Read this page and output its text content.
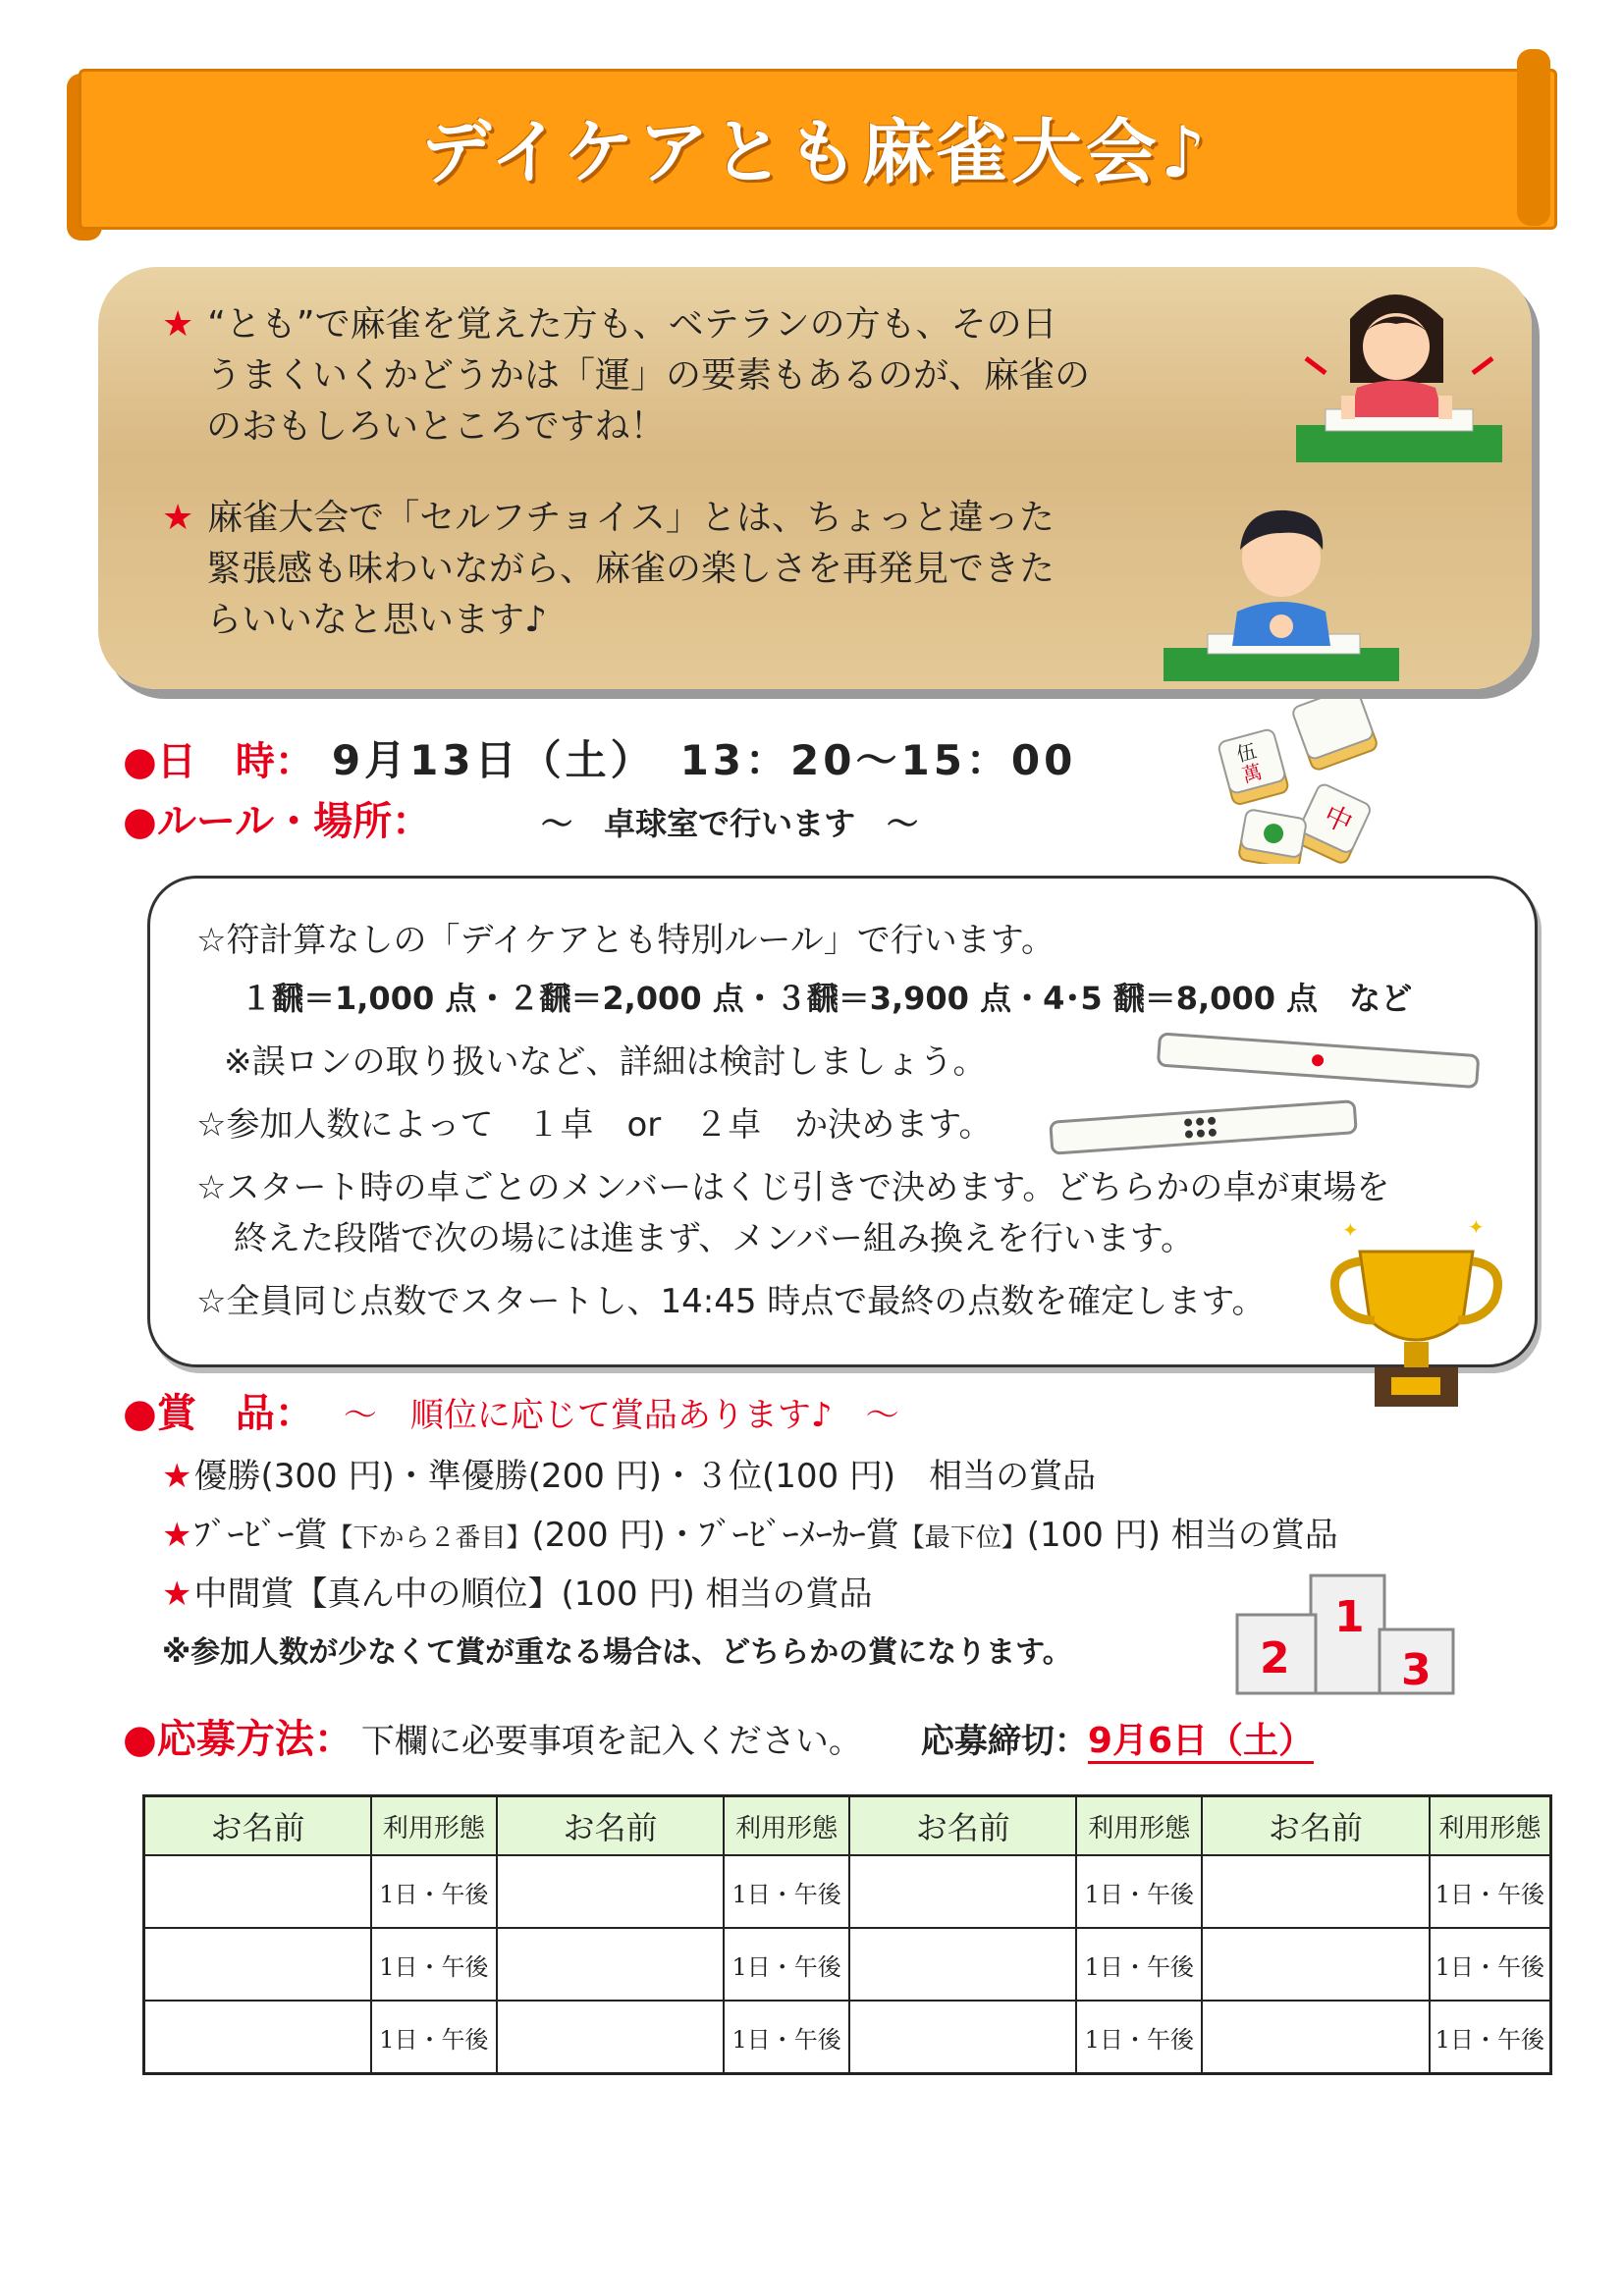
デイケアとも麻雀大会♪
★ “とも”で麻雀を覚えた方も、ベテランの方も、その日
うまくいくかどうかは「運」の要素もあるのが、麻雀の
のおもしろいところですね！
★ 麻雀大会で「セルフチョイス」とは、ちょっと違った
緊張感も味わいながら、麻雀の楽しさを再発見できた
らいいなと思います♪
●日　時： 9月13日（土）　13：20～15：00
中
伍
萬
●ルール・場所：	～　卓球室で行います　～
☆符計算なしの「デイケアとも特別ルール」で行います。
１飜＝1,000 点・２飜＝2,000 点・３飜＝3,900 点・4･5 飜＝8,000 点　など
※誤ロンの取り扱いなど、詳細は検討しましょう。
☆参加人数によって　１卓　or　２卓　か決めます。
☆スタート時の卓ごとのメンバーはくじ引きで決めます。どちらかの卓が東場を
終えた段階で次の場には進まず、メンバー組み換えを行います。
☆全員同じ点数でスタートし、14:45 時点で最終の点数を確定します。
✦	✦
●賞　品： ～　順位に応じて賞品あります♪　～
★優勝(300 円)・準優勝(200 円)・３位(100 円)　相当の賞品
★ﾌﾞｰﾋﾞｰ賞【下から２番目】(200 円)・ﾌﾞｰﾋﾞｰﾒｰｶｰ賞【最下位】(100 円) 相当の賞品
★中間賞【真ん中の順位】(100 円) 相当の賞品
※参加人数が少なくて賞が重なる場合は、どちらかの賞になります。
1
2	3
●応募方法： 下欄に必要事項を記入ください。 応募締切：9月6日（土）
お名前	利用形態	お名前	利用形態	お名前	利用形態	お名前	利用形態
	1日・午後		1日・午後		1日・午後		1日・午後
	1日・午後		1日・午後		1日・午後		1日・午後
	1日・午後		1日・午後		1日・午後		1日・午後
